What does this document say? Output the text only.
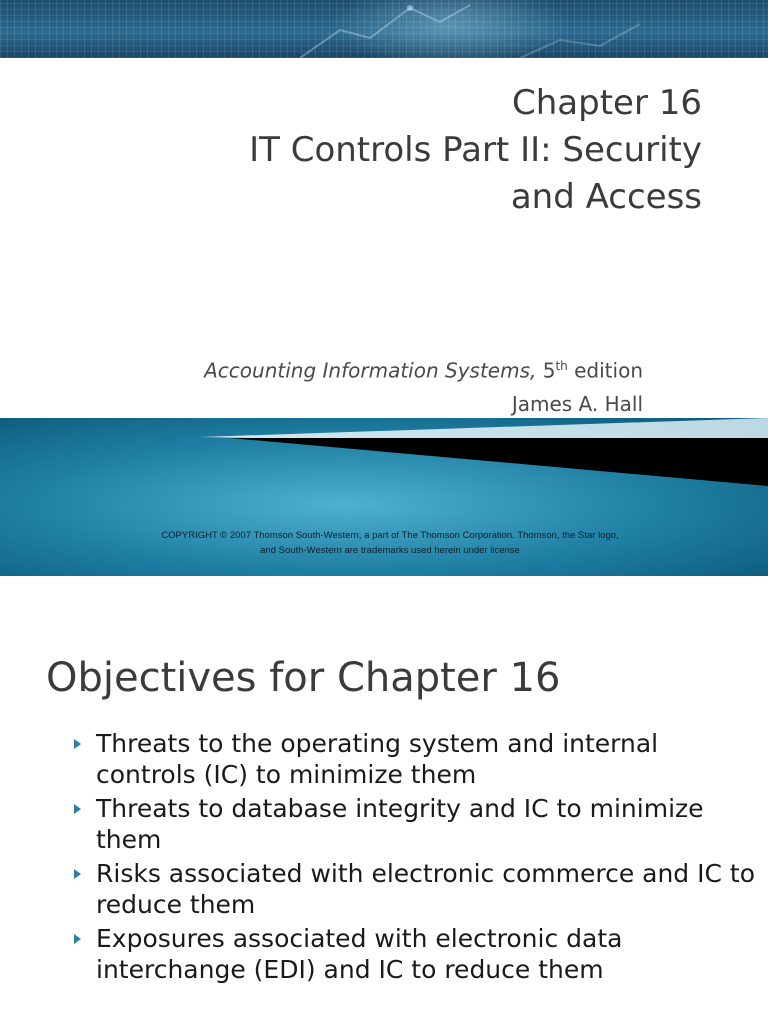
Chapter 16
IT Controls Part II: Security
and Access
Accounting Information Systems, 5th edition
James A. Hall
COPYRIGHT © 2007 Thomson South-Western, a part of The Thomson Corporation. Thomson, the Star logo,
and South-Western are trademarks used herein under license
Objectives for Chapter 16
Threats to the operating system and internal controls (IC) to minimize them
Threats to database integrity and IC to minimize them
Risks associated with electronic commerce and IC to reduce them
Exposures associated with electronic data interchange (EDI) and IC to reduce them
